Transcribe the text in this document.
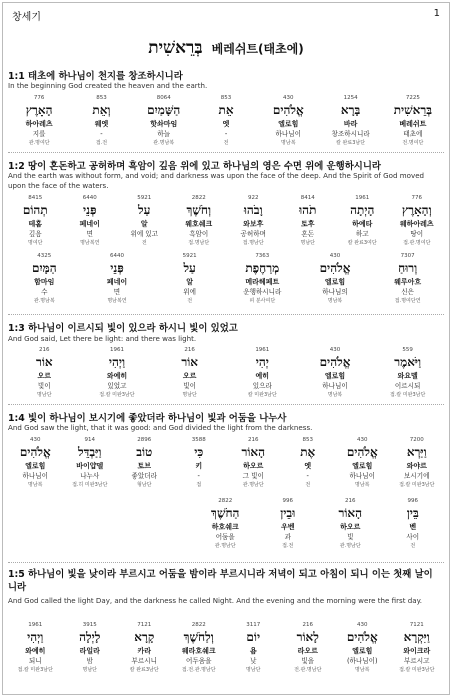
창세기	1
בְּרֵאשִׁית 베레쉬트(태초에)
1:1 태초에 하나님이 천지를 창조하시니라
In the beginning God created the heaven and the earth.
7225
בְּרֵאשִׁית
베레쉬트
태초에
전.명여단
1254
בָּרָא
바라
창조하시니라
칼 완료3남단
430
אֱלֹהִים
엘로힘
하나님이
명남복
853
אֵת
엣
-
전
8064
הַשָּׁמַיִם
핫솨마임
하늘
관.명남복
853
וְאֵת
웨엣
-
접.전
776
הָאָרֶץ
하아레츠
지를
관.명여단
1:2 땅이 혼돈하고 공허하며 흑암이 깊음 위에 있고 하나님의 영은 수면 위에 운행하시니라
And the earth was without form, and void; and darkness was upon the face of the deep. And the Spirit of God moved upon the face of the waters.
776
וְהָאָרֶץ
웨하아레츠
땅이
접.관.명여단
1961
הָיְתָה
하예타
하고
칼 완료3여단
8414
תֹהוּ
토후
혼돈
명남단
922
וָבֹהוּ
와보후
공허하며
접.명남단
2822
וְחֹשֶׁךְ
웨호쉐크
흑암이
접.명남단
5921
עַל
알
위에 있고
전
6440
פְּנֵי
페네이
면
명남복연
8415
תְהוֹם
테홈
깊음
명여단
7307
וְרוּחַ
웨루아흐
신은
접.명여단연
430
אֱלֹהִים
엘로힘
하나님의
명남복
7363
מְרַחֶפֶת
메라헤페트
운행하시니라
피 분사여단
5921
עַל
알
위에
전
6440
פְּנֵי
페네이
면
명남복연
4325
הַמָּיִם
함마임
수
관.명남복
1:3 하나님이 이르시되 빛이 있으라 하시니 빛이 있었고
And God said, Let there be light: and there was light.
559
וַיֹּאמֶר
와요멜
이르시되
접.칼 미완3남단
430
אֱלֹהִים
엘로힘
하나님이
명남복
1961
יְהִי
예히
있으라
칼 미완3남단
216
אוֹר
오르
빛이
명남단
1961
וַיְהִי
와예히
있었고
접.칼 미완3남단
216
אוֹר
오르
빛이
명남단
1:4 빛이 하나님이 보시기에 좋았더라 하나님이 빛과 어둠을 나누사
And God saw the light, that it was good: and God divided the light from the darkness.
7200
וַיַּרְא
와야르
보시기에
접.칼 미완3남단
430
אֱלֹהִים
엘로힘
하나님이
명남복
853
אֶת
엣
-
전
216
הָאוֹר
하오르
그 빛이
관.명남단
3588
כִּי
키
-
접
2896
טוֹב
토브
좋았더라
형남단
914
וַיַּבְדֵּל
바이얍델
나누사
접.히 미완3남단
430
אֱלֹהִים
엘로힘
하나님이
명남복
996
בֵּין
벤
사이
전
216
הָאוֹר
하오르
빛
관.명남단
996
וּבֵין
우벤
과
접.전
2822
הַחֹשֶׁךְ
하호쉐크
어둠을
관.명남단
1:5 하나님이 빛을 낮이라 부르시고 어둠을 밤이라 부르시니라 저녁이 되고 아침이 되니 이는 첫째 날이니라
And God called the light Day, and the darkness he called Night. And the evening and the morning were the first day.
7121
וַיִּקְרָא
와이크라
부르시고
접.칼 미완3남단
430
אֱלֹהִים
엘로힘
(하나님이)
명남복
216
לָאוֹר
라오르
빛을
전.관.명남단
3117
יוֹם
욤
낮
명남단
2822
וְלַחֹשֶׁךְ
웨라호쉐크
어두움을
접.전.관.명남단
7121
קָרָא
카라
부르시니
칼 완료3남단
3915
לָיְלָה
라일라
밤
명남단
1961
וַיְהִי
와예히
되니
접.칼 미완3남단
